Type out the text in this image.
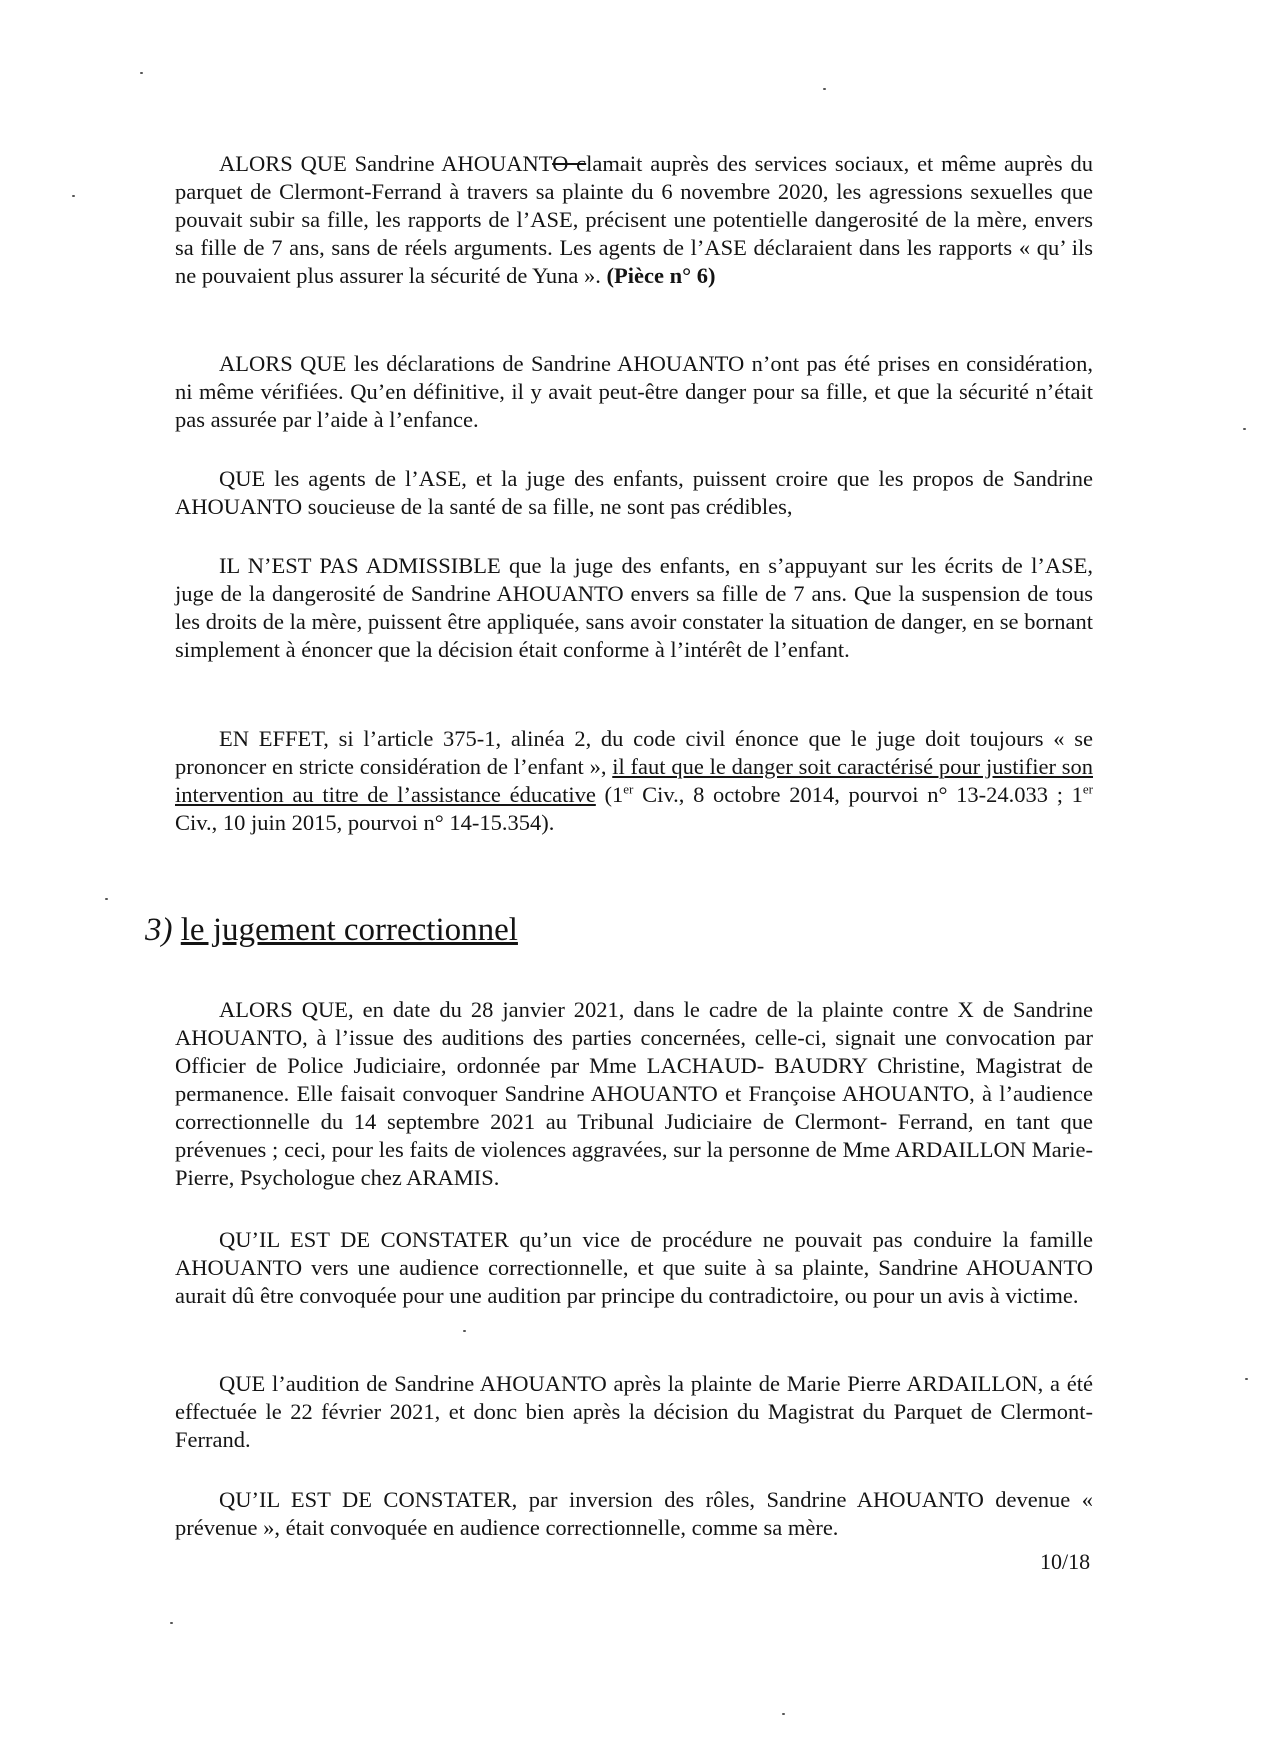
ALORS QUE Sandrine AHOUANTO clamait auprès des services sociaux, et même auprès du parquet de Clermont-Ferrand à travers sa plainte du 6 novembre 2020, les agressions sexuelles que pouvait subir sa fille, les rapports de l’ASE, précisent une potentielle dangerosité de la mère, envers sa fille de 7 ans, sans de réels arguments. Les agents de l’ASE déclaraient dans les rapports « qu’ ils ne pouvaient plus assurer la sécurité de Yuna ». (Pièce n° 6)

ALORS QUE les déclarations de Sandrine AHOUANTO n’ont pas été prises en considération, ni même vérifiées. Qu’en définitive, il y avait peut-être danger pour sa fille, et que la sécurité n’était pas assurée par l’aide à l’enfance.

QUE les agents de l’ASE, et la juge des enfants, puissent croire que les propos de Sandrine AHOUANTO soucieuse de la santé de sa fille, ne sont pas crédibles,

IL N’EST PAS ADMISSIBLE que la juge des enfants, en s’appuyant sur les écrits de l’ASE, juge de la dangerosité de Sandrine AHOUANTO envers sa fille de 7 ans. Que la suspension de tous les droits de la mère, puissent être appliquée, sans avoir constater la situation de danger, en se bornant simplement à énoncer que la décision était conforme à l’intérêt de l’enfant.

EN EFFET, si l’article 375-1, alinéa 2, du code civil énonce que le juge doit toujours « se prononcer en stricte considération de l’enfant », il faut que le danger soit caractérisé pour justifier son intervention au titre de l’assistance éducative (1er Civ., 8 octobre 2014, pourvoi n° 13-24.033 ; 1er Civ., 10 juin 2015, pourvoi n° 14-15.354).

3) le jugement correctionnel

ALORS QUE, en date du 28 janvier 2021, dans le cadre de la plainte contre X de Sandrine AHOUANTO, à l’issue des auditions des parties concernées, celle-ci, signait une convocation par Officier de Police Judiciaire, ordonnée par Mme LACHAUD- BAUDRY Christine, Magistrat de permanence. Elle faisait convoquer Sandrine AHOUANTO et Françoise AHOUANTO, à l’audience correctionnelle du 14 septembre 2021 au Tribunal Judiciaire de Clermont- Ferrand, en tant que prévenues ; ceci, pour les faits de violences aggravées, sur la personne de Mme ARDAILLON Marie-Pierre, Psychologue chez ARAMIS.

QU’IL EST DE CONSTATER qu’un vice de procédure ne pouvait pas conduire la famille AHOUANTO vers une audience correctionnelle, et que suite à sa plainte, Sandrine AHOUANTO aurait dû être convoquée pour une audition par principe du contradictoire, ou pour un avis à victime.

QUE l’audition de Sandrine AHOUANTO après la plainte de Marie Pierre ARDAILLON, a été effectuée le 22 février 2021, et donc bien après la décision du Magistrat du Parquet de Clermont-Ferrand.

QU’IL EST DE CONSTATER, par inversion des rôles, Sandrine AHOUANTO devenue « prévenue », était convoquée en audience correctionnelle, comme sa mère.

10/18
